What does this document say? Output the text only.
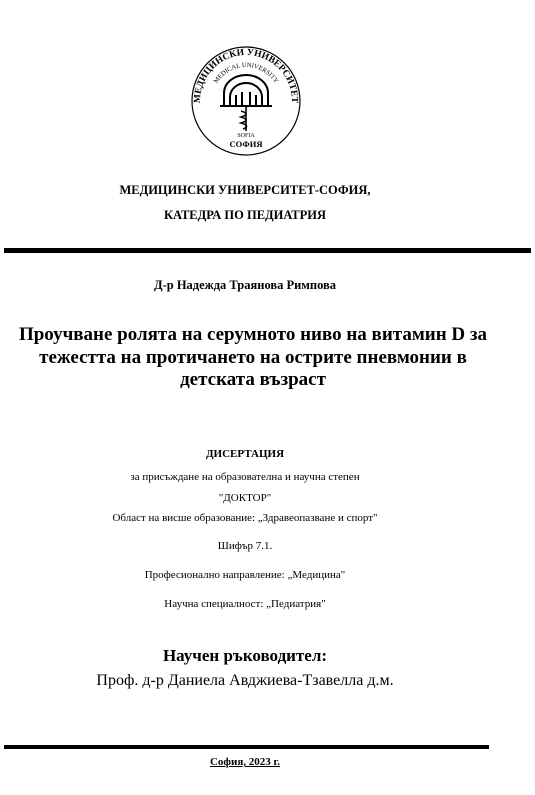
МЕДИЦИНСКИ УНИВЕРСИТЕТ
MEDICAL UNIVERSITY
SOFIA
СОФИЯ
МЕДИЦИНСКИ УНИВЕРСИТЕТ-СОФИЯ,
КАТЕДРА ПО ПЕДИАТРИЯ
Д-р Надежда Траянова Римпова
Проучване ролята на серумното ниво на витамин D за
тежестта на протичането на острите пневмонии в
детската възраст
ДИСЕРТАЦИЯ
за присъждане на образователна и научна степен
"ДОКТОР"
Област на висше образование: „Здравеопазване и спорт"
Шифър 7.1.
Професионално направление: „Медицина"
Научна специалност: „Педиатрия"
Научен ръководител:
Проф. д-р Даниела Авджиева-Тзавелла д.м.
София, 2023 г.
